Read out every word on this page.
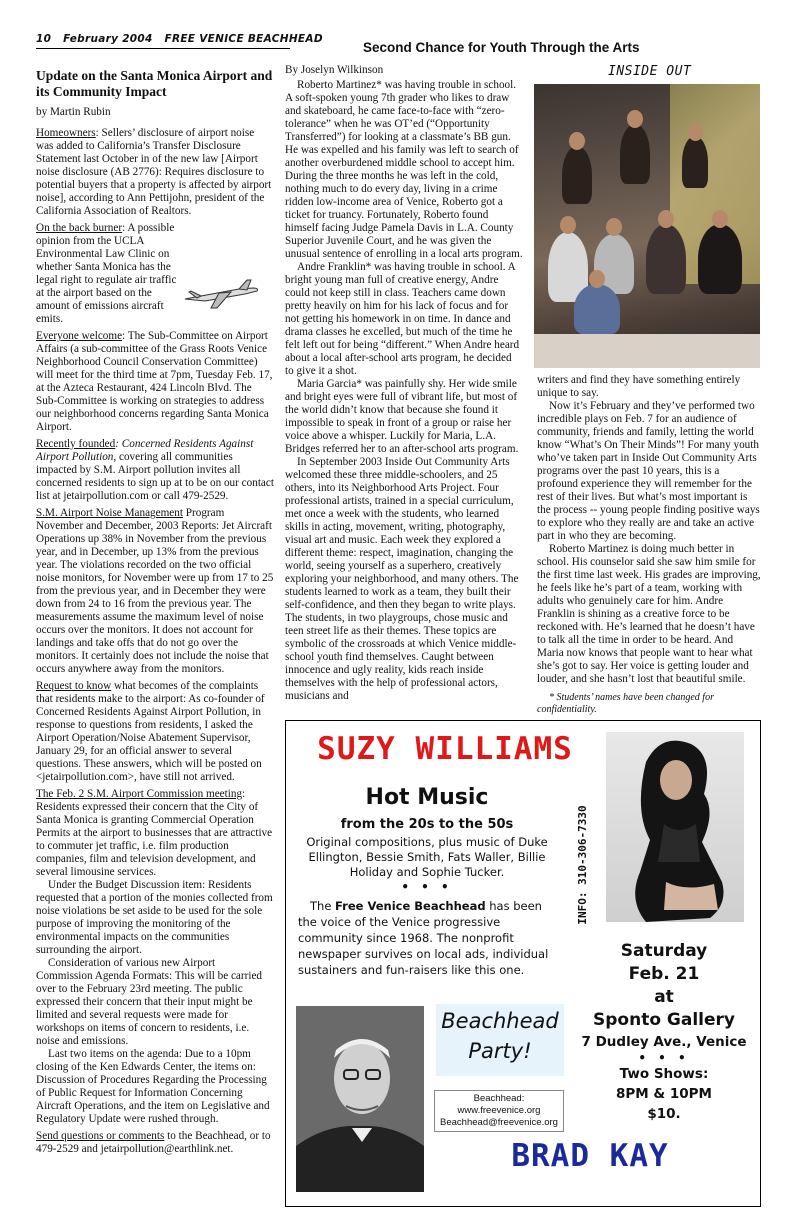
10   February 2004   FREE VENICE BEACHHEAD
Second Chance for Youth Through the Arts
INSIDE OUT

Update on the Santa Monica Airport and its Community Impact

by Martin Rubin

Homeowners: Sellers’ disclosure of airport noise was added to California’s Transfer Disclosure Statement last October in of the new law [Airport noise disclosure (AB 2776): Requires disclosure to potential buyers that a property is affected by airport noise], according to Ann Pettijohn, president of the California Association of Realtors.

On the back burner: A possible opinion from the UCLA Environmental Law Clinic on whether Santa Monica has the legal right to regulate air traffic at the airport based on the amount of emissions aircraft emits.

Everyone welcome: The Sub-Committee on Airport Affairs (a sub-committee of the Grass Roots Venice Neighborhood Council Conservation Committee) will meet for the third time at 7pm, Tuesday Feb. 17, at the Azteca Restaurant, 424 Lincoln Blvd. The Sub-Committee is working on strategies to address our neighborhood concerns regarding Santa Monica Airport.

Recently founded: Concerned Residents Against Airport Pollution, covering all communities impacted by S.M. Airport pollution invites all concerned residents to sign up at to be on our contact list at jetairpollution.com or call 479-2529.

S.M. Airport Noise Management Program November and December, 2003 Reports: Jet Aircraft Operations up 38% in November from the previous year, and in December, up 13% from the previous year. The violations recorded on the two official noise monitors, for November were up from 17 to 25 from the previous year, and in December they were down from 24 to 16 from the previous year. The measurements assume the maximum level of noise occurs over the monitors. It does not account for landings and take offs that do not go over the monitors. It certainly does not include the noise that occurs anywhere away from the monitors.

Request to know what becomes of the complaints that residents make to the airport: As co-founder of Concerned Residents Against Airport Pollution, in response to questions from residents, I asked the Airport Operation/Noise Abatement Supervisor, January 29, for an official answer to several questions. These answers, which will be posted on <jetairpollution.com>, have still not arrived.

The Feb. 2 S.M. Airport Commission meeting: Residents expressed their concern that the City of Santa Monica is granting Commercial Operation Permits at the airport to businesses that are attractive to commuter jet traffic, i.e. film production companies, film and television development, and several limousine services.

Under the Budget Discussion item: Residents requested that a portion of the monies collected from noise violations be set aside to be used for the sole purpose of improving the monitoring of the environmental impacts on the communities surrounding the airport.

Consideration of various new Airport Commission Agenda Formats: This will be carried over to the February 23rd meeting. The public expressed their concern that their input might be limited and several requests were made for workshops on items of concern to residents, i.e. noise and emissions.

Last two items on the agenda: Due to a 10pm closing of the Ken Edwards Center, the items on: Discussion of Procedures Regarding the Processing of Public Request for Information Concerning Aircraft Operations, and the item on Legislative and Regulatory Update were rushed through.

Send questions or comments to the Beachhead, or to 479-2529 and jetairpollution@earthlink.net.

By Joselyn Wilkinson

Roberto Martinez* was having trouble in school. A soft-spoken young 7th grader who likes to draw and skateboard, he came face-to-face with “zero-tolerance” when he was OT’ed (“Opportunity Transferred”) for looking at a classmate’s BB gun. He was expelled and his family was left to search of another overburdened middle school to accept him. During the three months he was left in the cold, nothing much to do every day, living in a crime ridden low-income area of Venice, Roberto got a ticket for truancy. Fortunately, Roberto found himself facing Judge Pamela Davis in L.A. County Superior Juvenile Court, and he was given the unusual sentence of enrolling in a local arts program.

Andre Franklin* was having trouble in school. A bright young man full of creative energy, Andre could not keep still in class. Teachers came down pretty heavily on him for his lack of focus and for not getting his homework in on time. In dance and drama classes he excelled, but much of the time he felt left out for being “different.” When Andre heard about a local after-school arts program, he decided to give it a shot.

Maria Garcia* was painfully shy. Her wide smile and bright eyes were full of vibrant life, but most of the world didn’t know that because she found it impossible to speak in front of a group or raise her voice above a whisper. Luckily for Maria, L.A. Bridges referred her to an after-school arts program.

In September 2003 Inside Out Community Arts welcomed these three middle-schoolers, and 25 others, into its Neighborhood Arts Project. Four professional artists, trained in a special curriculum, met once a week with the students, who learned skills in acting, movement, writing, photography, visual art and music. Each week they explored a different theme: respect, imagination, changing the world, seeing yourself as a superhero, creatively exploring your neighborhood, and many others. The students learned to work as a team, they built their self-confidence, and then they began to write plays. The students, in two playgroups, chose music and teen street life as their themes. These topics are symbolic of the crossroads at which Venice middle-school youth find themselves. Caught between innocence and ugly reality, kids reach inside themselves with the help of professional actors, musicians and

writers and find they have something entirely unique to say.

Now it’s February and they’ve performed two incredible plays on Feb. 7 for an audience of community, friends and family, letting the world know “What’s On Their Minds”! For many youth who’ve taken part in Inside Out Community Arts programs over the past 10 years, this is a profound experience they will remember for the rest of their lives. But what’s most important is the process -- young people finding positive ways to explore who they really are and take an active part in who they are becoming.

Roberto Martinez is doing much better in school. His counselor said she saw him smile for the first time last week. His grades are improving, he feels like he’s part of a team, working with adults who genuinely care for him. Andre Franklin is shining as a creative force to be reckoned with. He’s learned that he doesn’t have to talk all the time in order to be heard. And Maria now knows that people want to hear what she’s got to say. Her voice is getting louder and louder, and she hasn’t lost that beautiful smile.

* Students’ names have been changed for confidentiality.

SUZY WILLIAMS
Hot Music
from the 20s to the 50s
Original compositions, plus music of Duke Ellington, Bessie Smith, Fats Waller, Billie Holiday and Sophie Tucker.
• • •
The Free Venice Beachhead has been the voice of the Venice progressive community since 1968. The nonprofit newspaper survives on local ads, individual sustainers and fun-raisers like this one.
INFO: 310-306-7330
Saturday
Feb. 21
at
Sponto Gallery
7 Dudley Ave., Venice
• • •
Two Shows:
8PM & 10PM
$10.
Beachhead
Party!
Beachhead:
www.freevenice.org
Beachhead@freevenice.org
BRAD KAY
